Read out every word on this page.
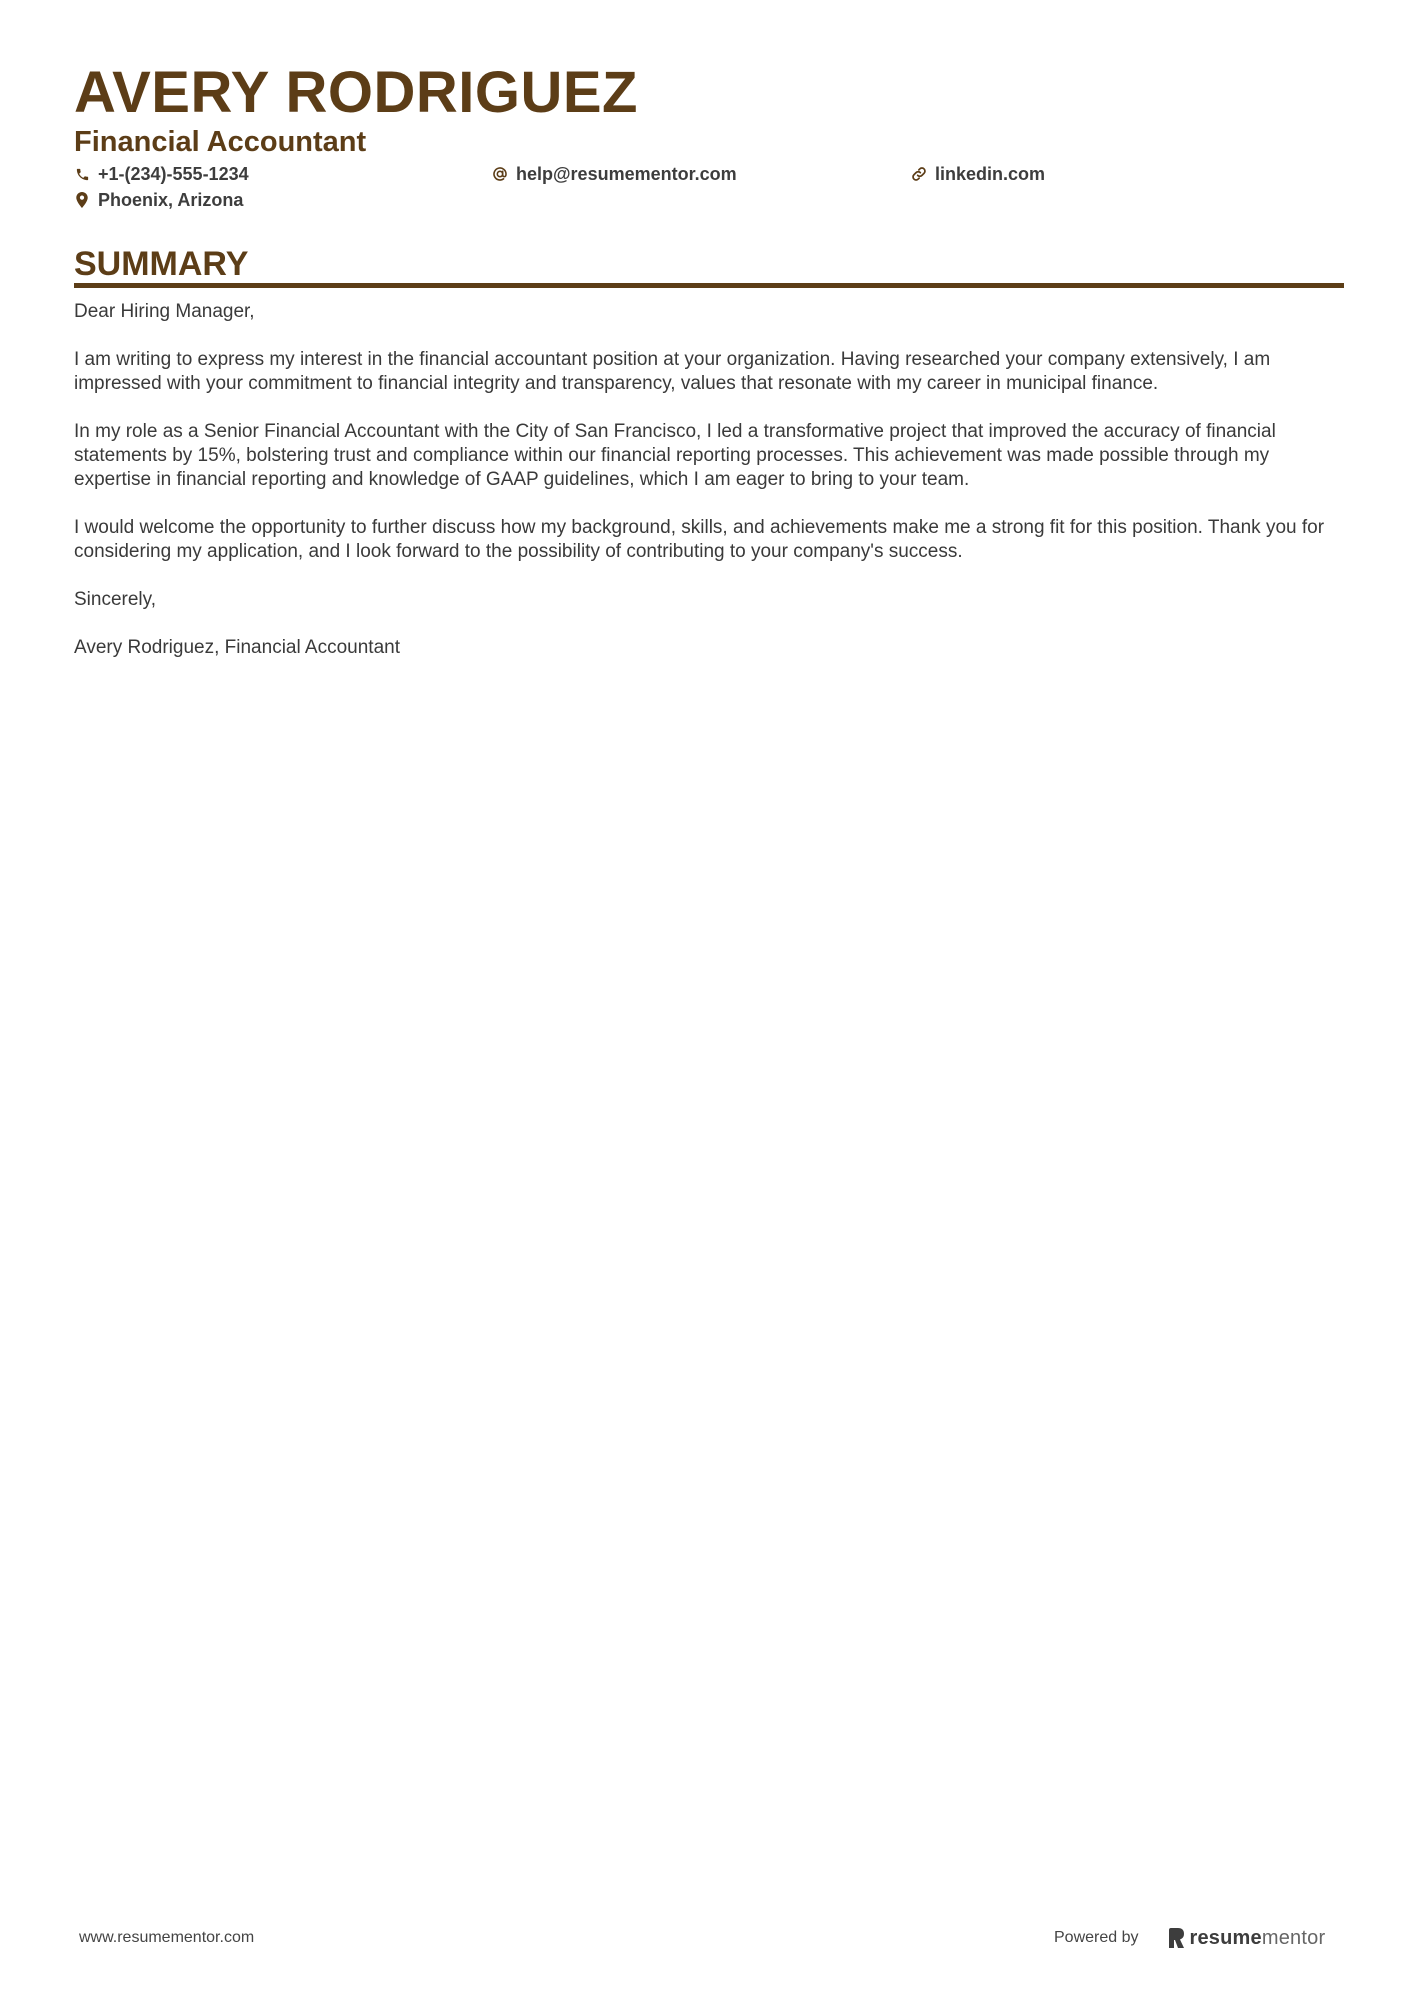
AVERY RODRIGUEZ
Financial Accountant
+1-(234)-555-1234	help@resumementor.com	linkedin.com
Phoenix, Arizona
SUMMARY

Dear Hiring Manager,

I am writing to express my interest in the financial accountant position at your organization. Having researched your company extensively, I am impressed with your commitment to financial integrity and transparency, values that resonate with my career in municipal finance.

In my role as a Senior Financial Accountant with the City of San Francisco, I led a transformative project that improved the accuracy of financial statements by 15%, bolstering trust and compliance within our financial reporting processes. This achievement was made possible through my expertise in financial reporting and knowledge of GAAP guidelines, which I am eager to bring to your team.

I would welcome the opportunity to further discuss how my background, skills, and achievements make me a strong fit for this position. Thank you for considering my application, and I look forward to the possibility of contributing to your company's success.

Sincerely,

Avery Rodriguez, Financial Accountant

www.resumementor.com	Powered by	resumementor
